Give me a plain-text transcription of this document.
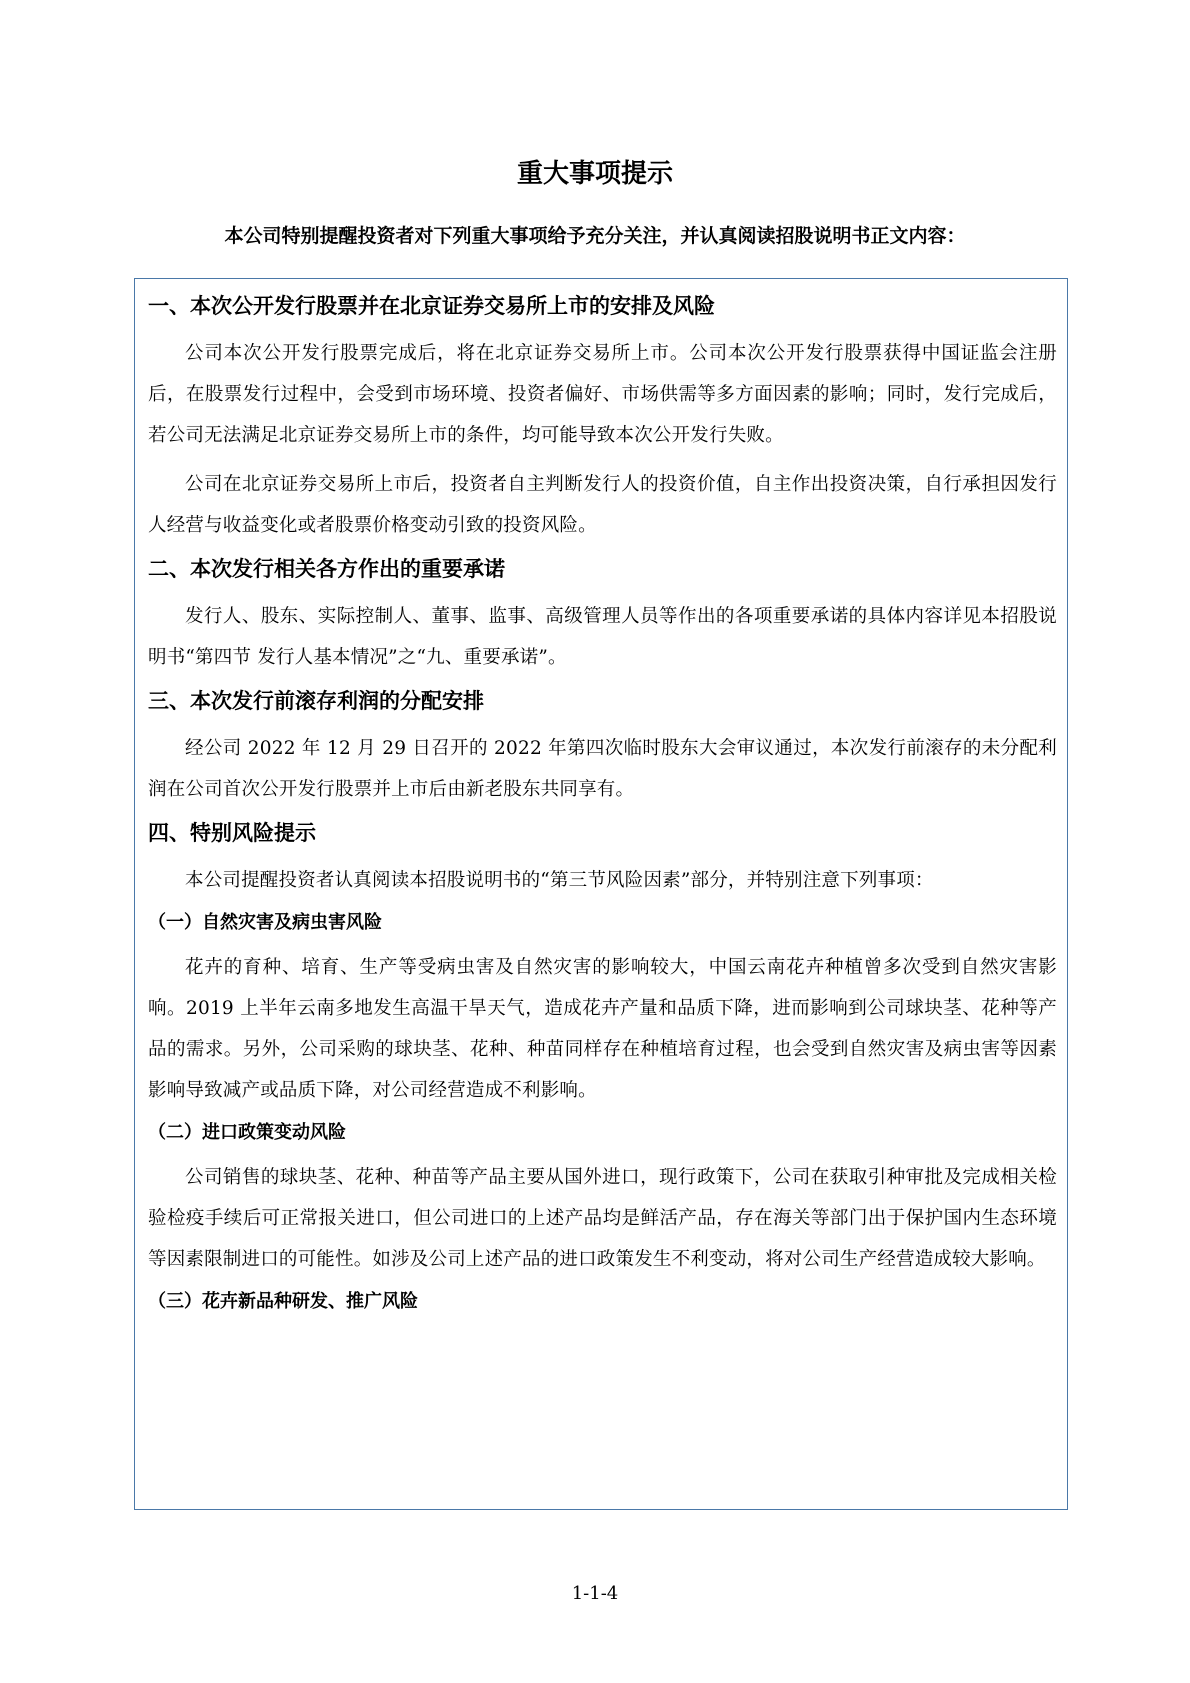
重大事项提示

本公司特别提醒投资者对下列重大事项给予充分关注，并认真阅读招股说明书正文内容：

一、本次公开发行股票并在北京证券交易所上市的安排及风险

公司本次公开发行股票完成后，将在北京证券交易所上市。公司本次公开发行股票获得中国证监会注册后，在股票发行过程中，会受到市场环境、投资者偏好、市场供需等多方面因素的影响；同时，发行完成后，若公司无法满足北京证券交易所上市的条件，均可能导致本次公开发行失败。

公司在北京证券交易所上市后，投资者自主判断发行人的投资价值，自主作出投资决策，自行承担因发行人经营与收益变化或者股票价格变动引致的投资风险。

二、本次发行相关各方作出的重要承诺

发行人、股东、实际控制人、董事、监事、高级管理人员等作出的各项重要承诺的具体内容详见本招股说明书“第四节 发行人基本情况”之“九、重要承诺”。

三、本次发行前滚存利润的分配安排

经公司 2022 年 12 月 29 日召开的 2022 年第四次临时股东大会审议通过，本次发行前滚存的未分配利润在公司首次公开发行股票并上市后由新老股东共同享有。

四、特别风险提示

本公司提醒投资者认真阅读本招股说明书的“第三节风险因素”部分，并特别注意下列事项：

（一）自然灾害及病虫害风险

花卉的育种、培育、生产等受病虫害及自然灾害的影响较大，中国云南花卉种植曾多次受到自然灾害影响。2019 上半年云南多地发生高温干旱天气，造成花卉产量和品质下降，进而影响到公司球块茎、花种等产品的需求。另外，公司采购的球块茎、花种、种苗同样存在种植培育过程，也会受到自然灾害及病虫害等因素影响导致减产或品质下降，对公司经营造成不利影响。

（二）进口政策变动风险

公司销售的球块茎、花种、种苗等产品主要从国外进口，现行政策下，公司在获取引种审批及完成相关检验检疫手续后可正常报关进口，但公司进口的上述产品均是鲜活产品，存在海关等部门出于保护国内生态环境等因素限制进口的可能性。如涉及公司上述产品的进口政策发生不利变动，将对公司生产经营造成较大影响。

（三）花卉新品种研发、推广风险
1-1-4
